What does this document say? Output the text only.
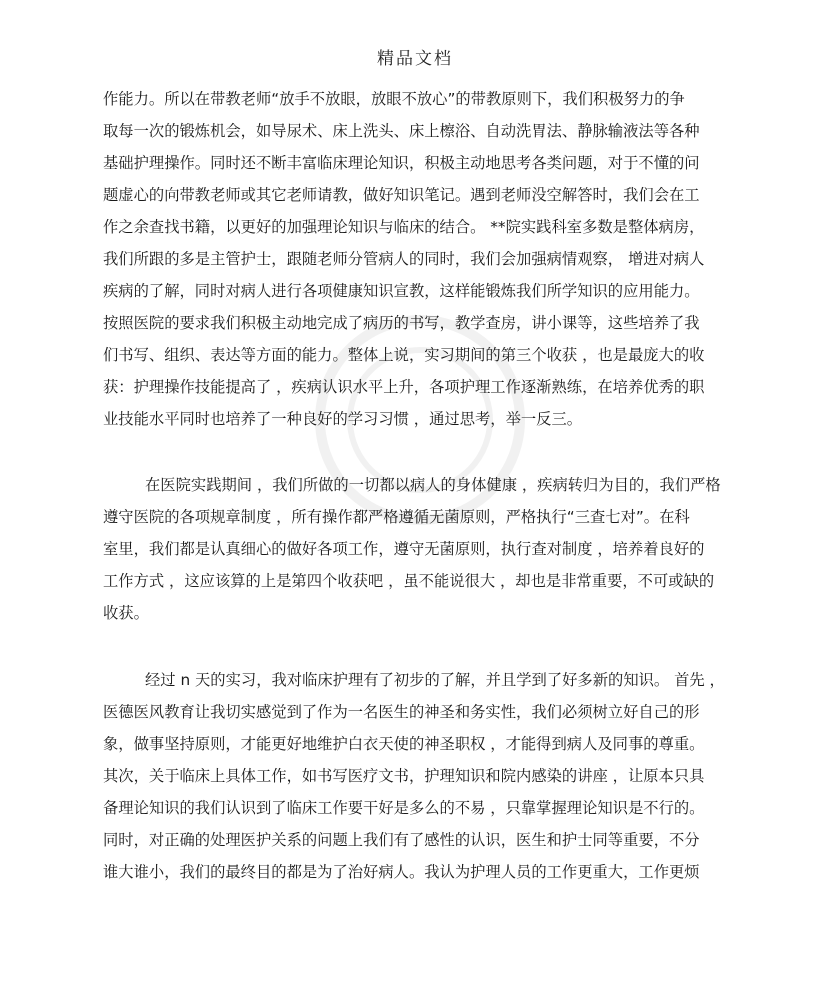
精品文档
作能力。所以在带教老师“放手不放眼，放眼不放心”的带教原则下，我们积极努力的争
取每一次的锻炼机会，如导尿术、床上洗头、床上檫浴、自动洗胃法、静脉输液法等各种
基础护理操作。同时还不断丰富临床理论知识，积极主动地思考各类问题，对于不懂的问
题虚心的向带教老师或其它老师请教，做好知识笔记。遇到老师没空解答时，我们会在工
作之余查找书籍，以更好的加强理论知识与临床的结合。 **院实践科室多数是整体病房，
我们所跟的多是主管护士，跟随老师分管病人的同时，我们会加强病情观察， 增进对病人
疾病的了解，同时对病人进行各项健康知识宣教，这样能锻炼我们所学知识的应用能力。
按照医院的要求我们积极主动地完成了病历的书写，教学查房，讲小课等，这些培养了我
们书写、组织、表达等方面的能力。整体上说，实习期间的第三个收获 ，也是最庞大的收
获：护理操作技能提高了 ，疾病认识水平上升，各项护理工作逐渐熟练，在培养优秀的职
业技能水平同时也培养了一种良好的学习习惯 ，通过思考，举一反三。
在医院实践期间 ，我们所做的一切都以病人的身体健康 ，疾病转归为目的，我们严格
遵守医院的各项规章制度 ，所有操作都严格遵循无菌原则，严格执行“三查七对”。在科
室里，我们都是认真细心的做好各项工作，遵守无菌原则，执行查对制度 ，培养着良好的
工作方式 ，这应该算的上是第四个收获吧 ，虽不能说很大 ，却也是非常重要，不可或缺的
收获。
经过 n 天的实习，我对临床护理有了初步的了解，并且学到了好多新的知识。 首先 ，
医德医风教育让我切实感觉到了作为一名医生的神圣和务实性，我们必须树立好自己的形
象，做事坚持原则，才能更好地维护白衣天使的神圣职权 ，才能得到病人及同事的尊重。
其次，关于临床上具体工作，如书写医疗文书，护理知识和院内感染的讲座 ，让原本只具
备理论知识的我们认识到了临床工作要干好是多么的不易 ，只靠掌握理论知识是不行的。
同时，对正确的处理医护关系的问题上我们有了感性的认识，医生和护士同等重要，不分
谁大谁小，我们的最终目的都是为了治好病人。我认为护理人员的工作更重大，工作更烦
